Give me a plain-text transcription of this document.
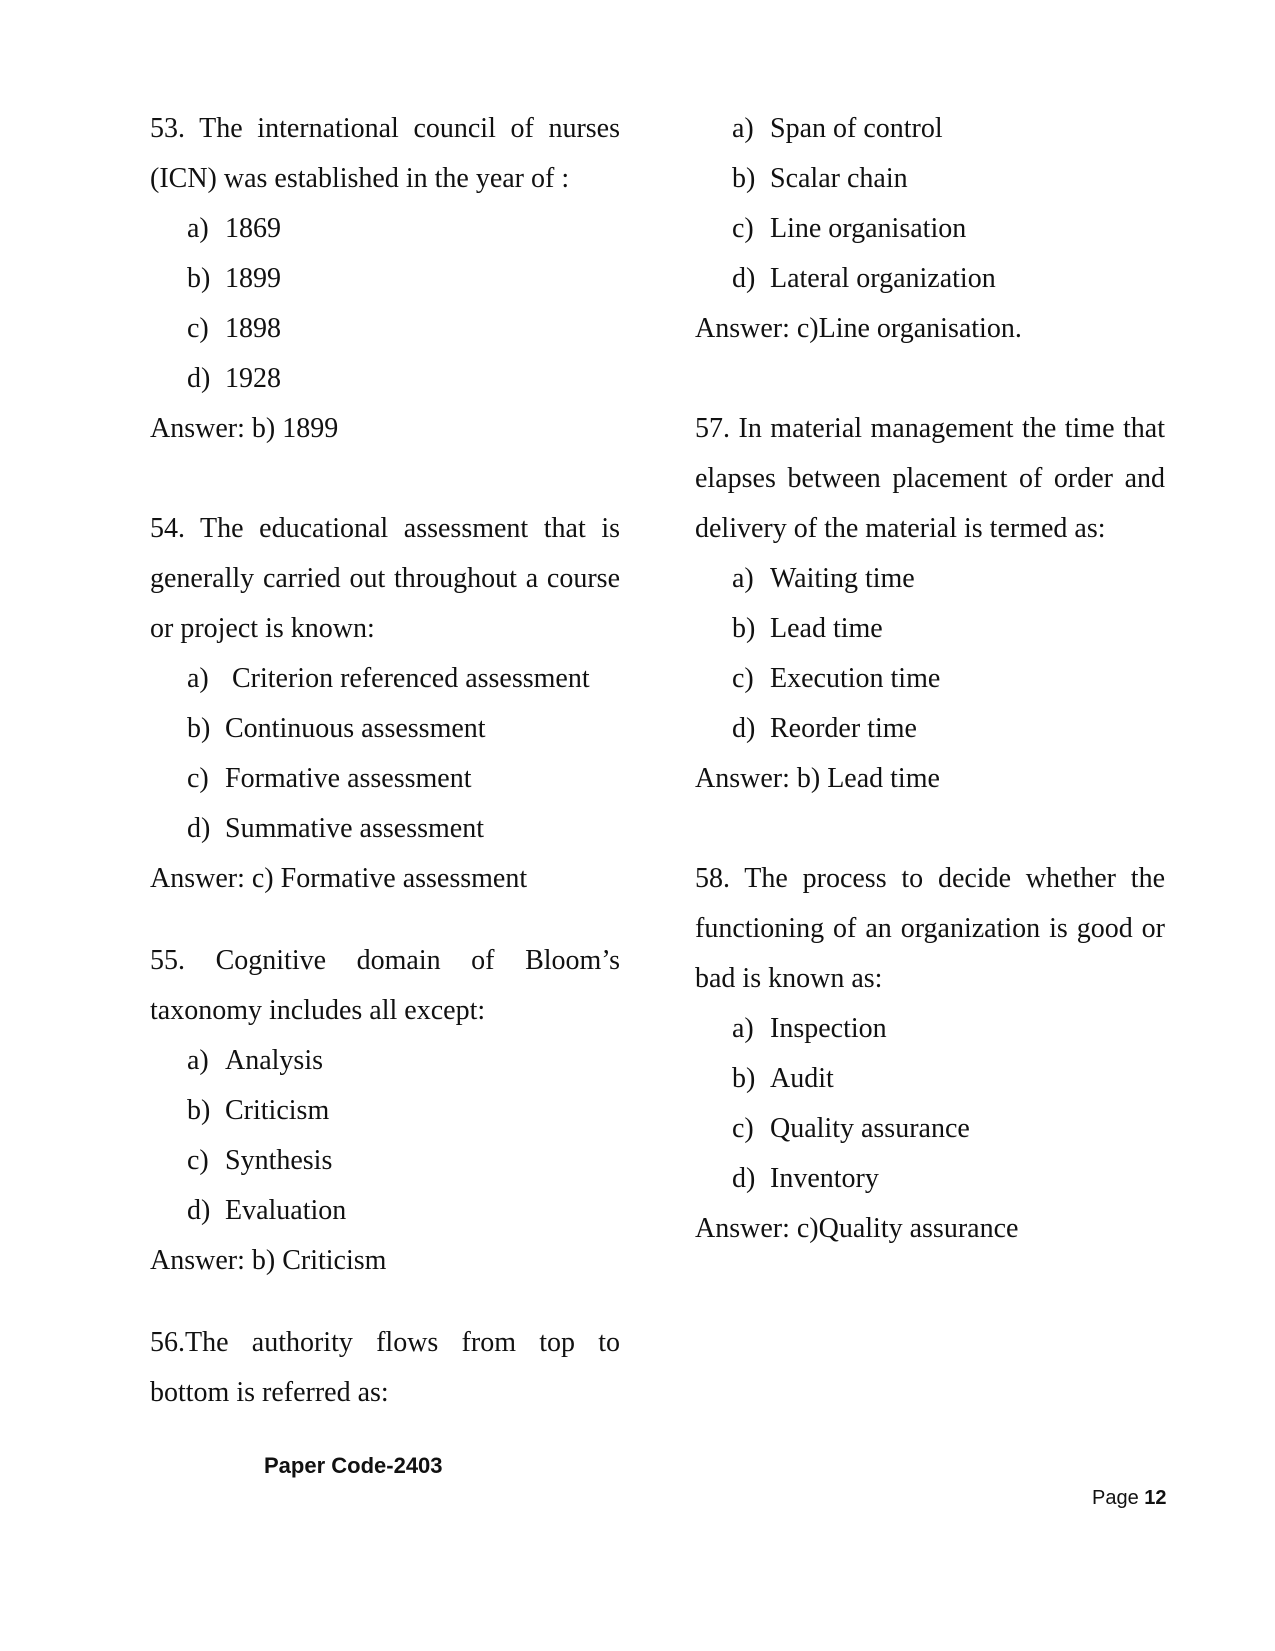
53. The international council of nurses
(ICN) was established in the year of :
a) 1869
b) 1899
c) 1898
d) 1928
Answer: b) 1899
54. The educational assessment that is
generally carried out throughout a course
or project is known:
a) Criterion referenced assessment
b) Continuous assessment
c) Formative assessment
d) Summative assessment
Answer: c) Formative assessment
55. Cognitive domain of Bloom’s
taxonomy includes all except:
a) Analysis
b) Criticism
c) Synthesis
d) Evaluation
Answer: b) Criticism
56.The authority flows from top to
bottom is referred as:
a) Span of control
b) Scalar chain
c) Line organisation
d) Lateral organization
Answer: c)Line organisation.
57. In material management the time that
elapses between placement of order and
delivery of the material is termed as:
a) Waiting time
b) Lead time
c) Execution time
d) Reorder time
Answer: b) Lead time
58. The process to decide whether the
functioning of an organization is good or
bad is known as:
a) Inspection
b) Audit
c) Quality assurance
d) Inventory
Answer: c)Quality assurance
Paper Code-2403
Page 12
